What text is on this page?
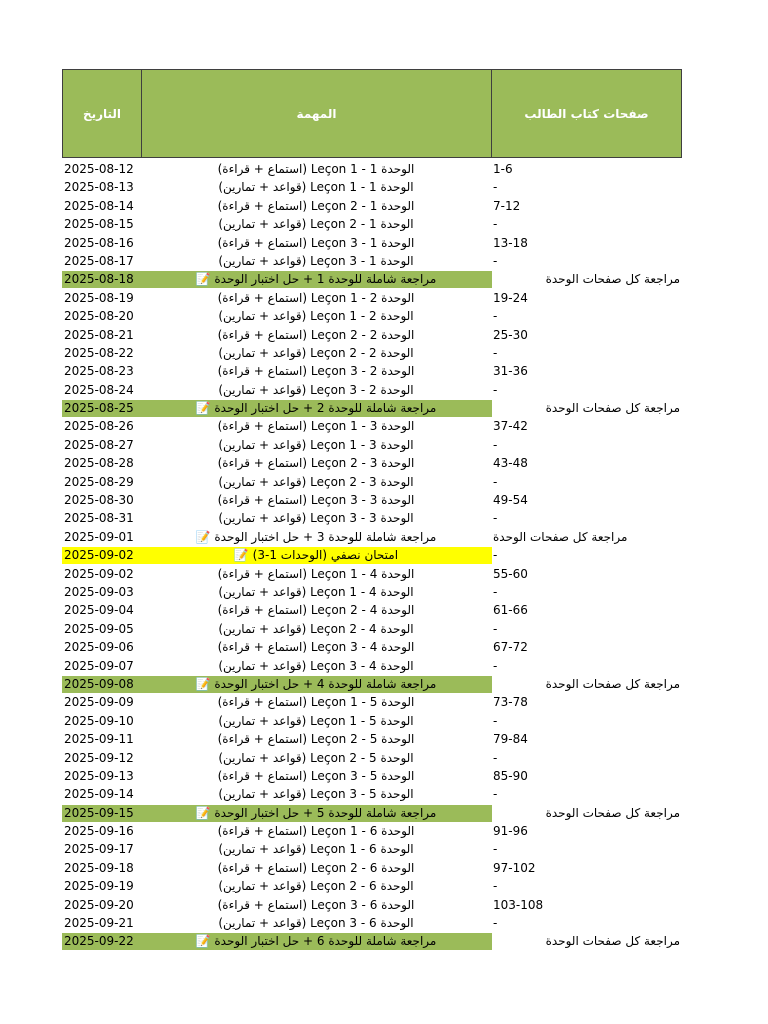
التاريخ	المهمة	صفحات كتاب الطالب
2025-08-12	الوحدة 1 - Leçon 1 (استماع + قراءة)	1-6
2025-08-13	الوحدة 1 - Leçon 1 (قواعد + تمارين)	-
2025-08-14	الوحدة 1 - Leçon 2 (استماع + قراءة)	7-12
2025-08-15	الوحدة 1 - Leçon 2 (قواعد + تمارين)	-
2025-08-16	الوحدة 1 - Leçon 3 (استماع + قراءة)	13-18
2025-08-17	الوحدة 1 - Leçon 3 (قواعد + تمارين)	-
2025-08-18	مراجعة شاملة للوحدة 1 + حل اختبار الوحدة 📝	مراجعة كل صفحات الوحدة
2025-08-19	الوحدة 2 - Leçon 1 (استماع + قراءة)	19-24
2025-08-20	الوحدة 2 - Leçon 1 (قواعد + تمارين)	-
2025-08-21	الوحدة 2 - Leçon 2 (استماع + قراءة)	25-30
2025-08-22	الوحدة 2 - Leçon 2 (قواعد + تمارين)	-
2025-08-23	الوحدة 2 - Leçon 3 (استماع + قراءة)	31-36
2025-08-24	الوحدة 2 - Leçon 3 (قواعد + تمارين)	-
2025-08-25	مراجعة شاملة للوحدة 2 + حل اختبار الوحدة 📝	مراجعة كل صفحات الوحدة
2025-08-26	الوحدة 3 - Leçon 1 (استماع + قراءة)	37-42
2025-08-27	الوحدة 3 - Leçon 1 (قواعد + تمارين)	-
2025-08-28	الوحدة 3 - Leçon 2 (استماع + قراءة)	43-48
2025-08-29	الوحدة 3 - Leçon 2 (قواعد + تمارين)	-
2025-08-30	الوحدة 3 - Leçon 3 (استماع + قراءة)	49-54
2025-08-31	الوحدة 3 - Leçon 3 (قواعد + تمارين)	-
2025-09-01	مراجعة شاملة للوحدة 3 + حل اختبار الوحدة 📝	مراجعة كل صفحات الوحدة
2025-09-02	امتحان نصفي (الوحدات 1-3) 📝	-
2025-09-02	الوحدة 4 - Leçon 1 (استماع + قراءة)	55-60
2025-09-03	الوحدة 4 - Leçon 1 (قواعد + تمارين)	-
2025-09-04	الوحدة 4 - Leçon 2 (استماع + قراءة)	61-66
2025-09-05	الوحدة 4 - Leçon 2 (قواعد + تمارين)	-
2025-09-06	الوحدة 4 - Leçon 3 (استماع + قراءة)	67-72
2025-09-07	الوحدة 4 - Leçon 3 (قواعد + تمارين)	-
2025-09-08	مراجعة شاملة للوحدة 4 + حل اختبار الوحدة 📝	مراجعة كل صفحات الوحدة
2025-09-09	الوحدة 5 - Leçon 1 (استماع + قراءة)	73-78
2025-09-10	الوحدة 5 - Leçon 1 (قواعد + تمارين)	-
2025-09-11	الوحدة 5 - Leçon 2 (استماع + قراءة)	79-84
2025-09-12	الوحدة 5 - Leçon 2 (قواعد + تمارين)	-
2025-09-13	الوحدة 5 - Leçon 3 (استماع + قراءة)	85-90
2025-09-14	الوحدة 5 - Leçon 3 (قواعد + تمارين)	-
2025-09-15	مراجعة شاملة للوحدة 5 + حل اختبار الوحدة 📝	مراجعة كل صفحات الوحدة
2025-09-16	الوحدة 6 - Leçon 1 (استماع + قراءة)	91-96
2025-09-17	الوحدة 6 - Leçon 1 (قواعد + تمارين)	-
2025-09-18	الوحدة 6 - Leçon 2 (استماع + قراءة)	97-102
2025-09-19	الوحدة 6 - Leçon 2 (قواعد + تمارين)	-
2025-09-20	الوحدة 6 - Leçon 3 (استماع + قراءة)	103-108
2025-09-21	الوحدة 6 - Leçon 3 (قواعد + تمارين)	-
2025-09-22	مراجعة شاملة للوحدة 6 + حل اختبار الوحدة 📝	مراجعة كل صفحات الوحدة
